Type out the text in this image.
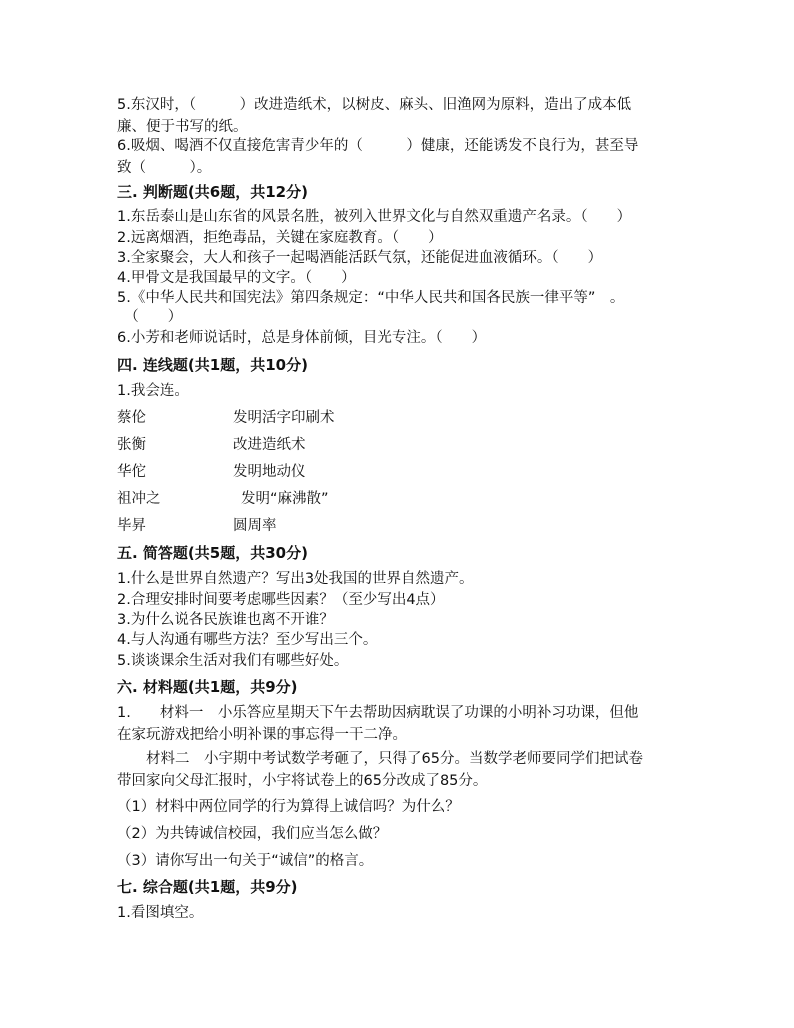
5.东汉时，（　　　）改进造纸术，以树皮、麻头、旧渔网为原料，造出了成本低
廉、便于书写的纸。
6.吸烟、喝酒不仅直接危害青少年的（　　　）健康，还能诱发不良行为，甚至导
致（　　　）。
三. 判断题(共6题，共12分)
1.东岳泰山是山东省的风景名胜，被列入世界文化与自然双重遗产名录。（　　）
2.远离烟酒，拒绝毒品，关键在家庭教育。（　　）
3.全家聚会，大人和孩子一起喝酒能活跃气氛，还能促进血液循环。（　　）
4.甲骨文是我国最早的文字。（　　）
5.《中华人民共和国宪法》第四条规定：“中华人民共和国各民族一律平等”　。
　（　　）
6.小芳和老师说话时，总是身体前倾，目光专注。（　　）
四. 连线题(共1题，共10分)
1.我会连。
蔡伦	发明活字印刷术
张衡	改进造纸术
华佗	发明地动仪
祖冲之	发明“麻沸散”
毕昇	圆周率
五. 简答题(共5题，共30分)
1.什么是世界自然遗产？写出3处我国的世界自然遗产。
2.合理安排时间要考虑哪些因素？（至少写出4点）
3.为什么说各民族谁也离不开谁？
4.与人沟通有哪些方法？至少写出三个。
5.谈谈课余生活对我们有哪些好处。
六. 材料题(共1题，共9分)
1.　　材料一　小乐答应星期天下午去帮助因病耽误了功课的小明补习功课，但他
在家玩游戏把给小明补课的事忘得一干二净。
　　材料二　小宇期中考试数学考砸了，只得了65分。当数学老师要同学们把试卷
带回家向父母汇报时，小宇将试卷上的65分改成了85分。
（1）材料中两位同学的行为算得上诚信吗？为什么？
（2）为共铸诚信校园，我们应当怎么做？
（3）请你写出一句关于“诚信”的格言。
七. 综合题(共1题，共9分)
1.看图填空。
